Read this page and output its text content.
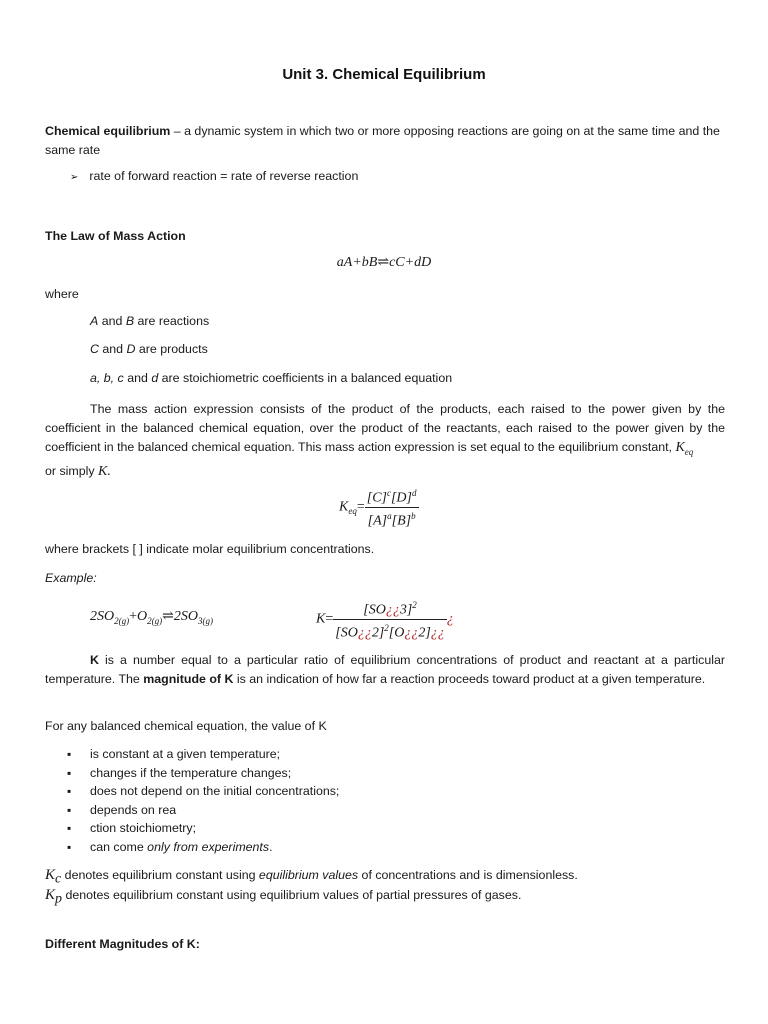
Unit 3. Chemical Equilibrium
Chemical equilibrium – a dynamic system in which two or more opposing reactions are going on at the same time and the same rate
➢ rate of forward reaction = rate of reverse reaction
The Law of Mass Action
aA+bB⇌cC+dD
where
A and B are reactions
C and D are products
a, b, c and d are stoichiometric coefficients in a balanced equation
The mass action expression consists of the product of the products, each raised to the power given by the coefficient in the balanced chemical equation, over the product of the reactants, each raised to the power given by the coefficient in the balanced chemical equation. This mass action expression is set equal to the equilibrium constant, $K_{eq}$
or simply K.
$K_{eq}= \frac{[C]^c[D]^d}{[A]^a[B]^b}$
where brackets [ ] indicate molar equilibrium concentrations.
Example:
$2SO_{2(g)}+O_{2(g)}\rightleftharpoons 2SO_{3(g)}$	$K= \frac{[SO¿¿3]^2}{[SO¿¿2]^2[O¿¿2]¿¿}$ ¿
K is a number equal to a particular ratio of equilibrium concentrations of product and reactant at a particular temperature. The magnitude of K is an indication of how far a reaction proceeds toward product at a given temperature.
For any balanced chemical equation, the value of K
▪ is constant at a given temperature;
▪ changes if the temperature changes;
▪ does not depend on the initial concentrations;
▪ depends on rea
▪ ction stoichiometry;
▪ can come only from experiments.
$K_c$ denotes equilibrium constant using equilibrium values of concentrations and is dimensionless.
$K_p$ denotes equilibrium constant using equilibrium values of partial pressures of gases.
Different Magnitudes of K:
